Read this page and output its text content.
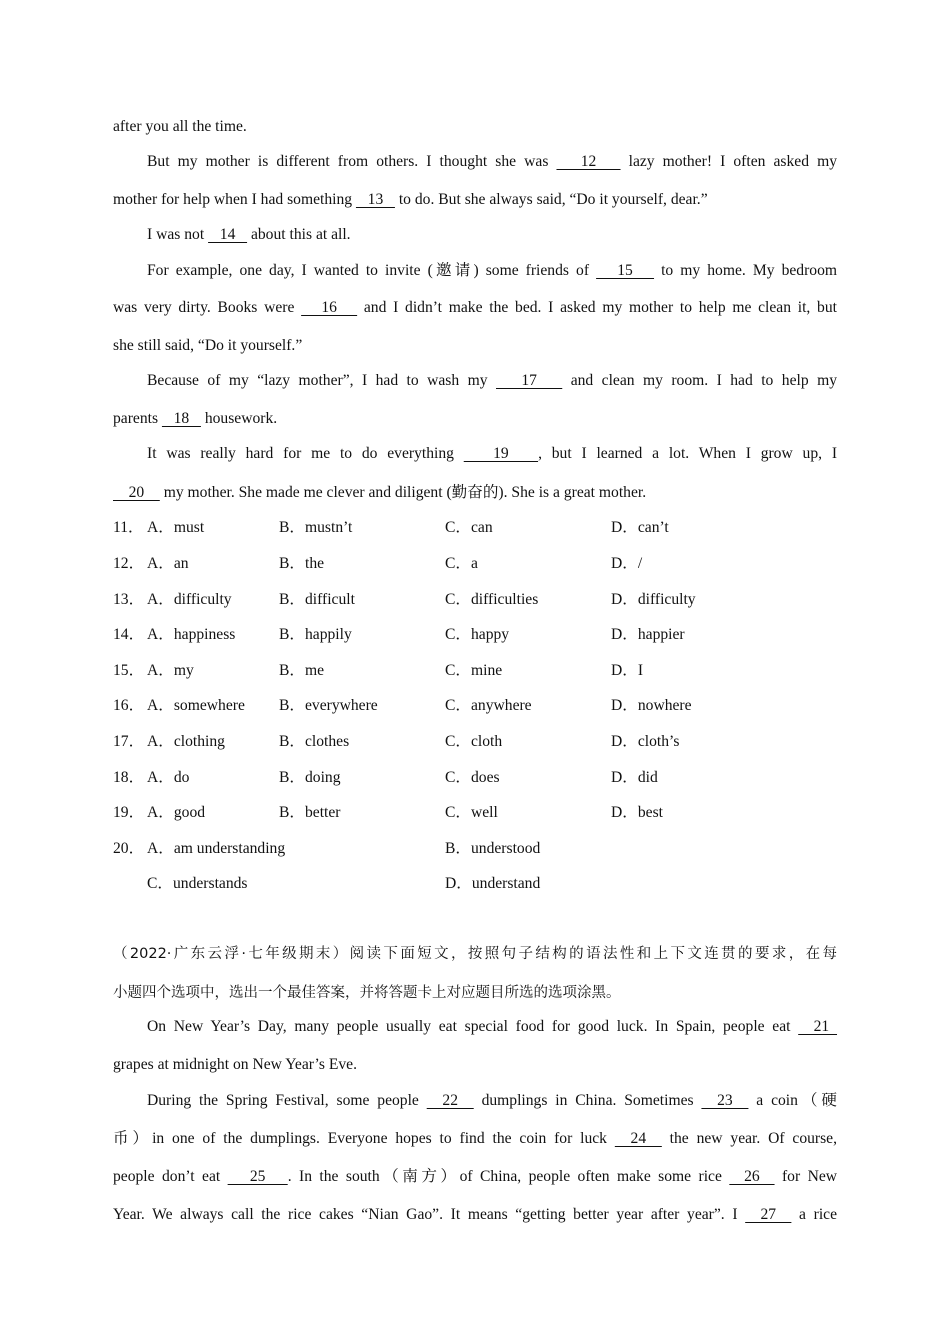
after you all the time.
But my mother is different from others. I thought she was    12    lazy mother! I often asked my
mother for help when I had something    13    to do. But she always said, “Do it yourself, dear.”
I was not    14    about this at all.
For example, one day, I wanted to invite (邀请) some friends of    15    to my home. My bedroom
was very dirty. Books were    16    and I didn’t make the bed. I asked my mother to help me clean it, but
she still said, “Do it yourself.”
Because of my “lazy mother”, I had to wash my    17    and clean my room. I had to help my
parents    18    housework.
It was really hard for me to do everything    19   , but I learned a lot. When I grow up, I
20     my mother. She made me clever and diligent (勤奋的). She is a great mother.
11． A．must	B．mustn’t	C．can	D．can’t
12． A．an	B．the	C．a	D．/
13． A．difficulty	B．difficult	C．difficulties	D．difficulty
14． A．happiness	B．happily	C．happy	D．happier
15． A．my	B．me	C．mine	D．I
16． A．somewhere B．everywhere	C．anywhere	D．nowhere
17． A．clothing	B．clothes	C．cloth	D．cloth’s
18． A．do	B．doing	C．does	D．did
19． A．good	B．better	C．well	D．best
20． A．am understanding	B．understood
C．understands	D．understand
（2022·广东云浮·七年级期末）阅读下面短文，按照句子结构的语法性和上下文连贯的要求，在每
小题四个选项中，选出一个最佳答案，并将答题卡上对应题目所选的选项涂黑。
On New Year’s Day, many people usually eat special food for good luck. In Spain, people eat   21
grapes at midnight on New Year’s Eve.
During the Spring Festival, some people   22   dumplings in China. Sometimes   23   a coin（硬
币）in one of the dumplings. Everyone hopes to find the coin for luck   24   the new year. Of course,
people don’t eat    25   . In the south（南方）of China, people often make some rice   26   for New
Year. We always call the rice cakes “Nian Gao”. It means “getting better year after year”. I   27   a rice
